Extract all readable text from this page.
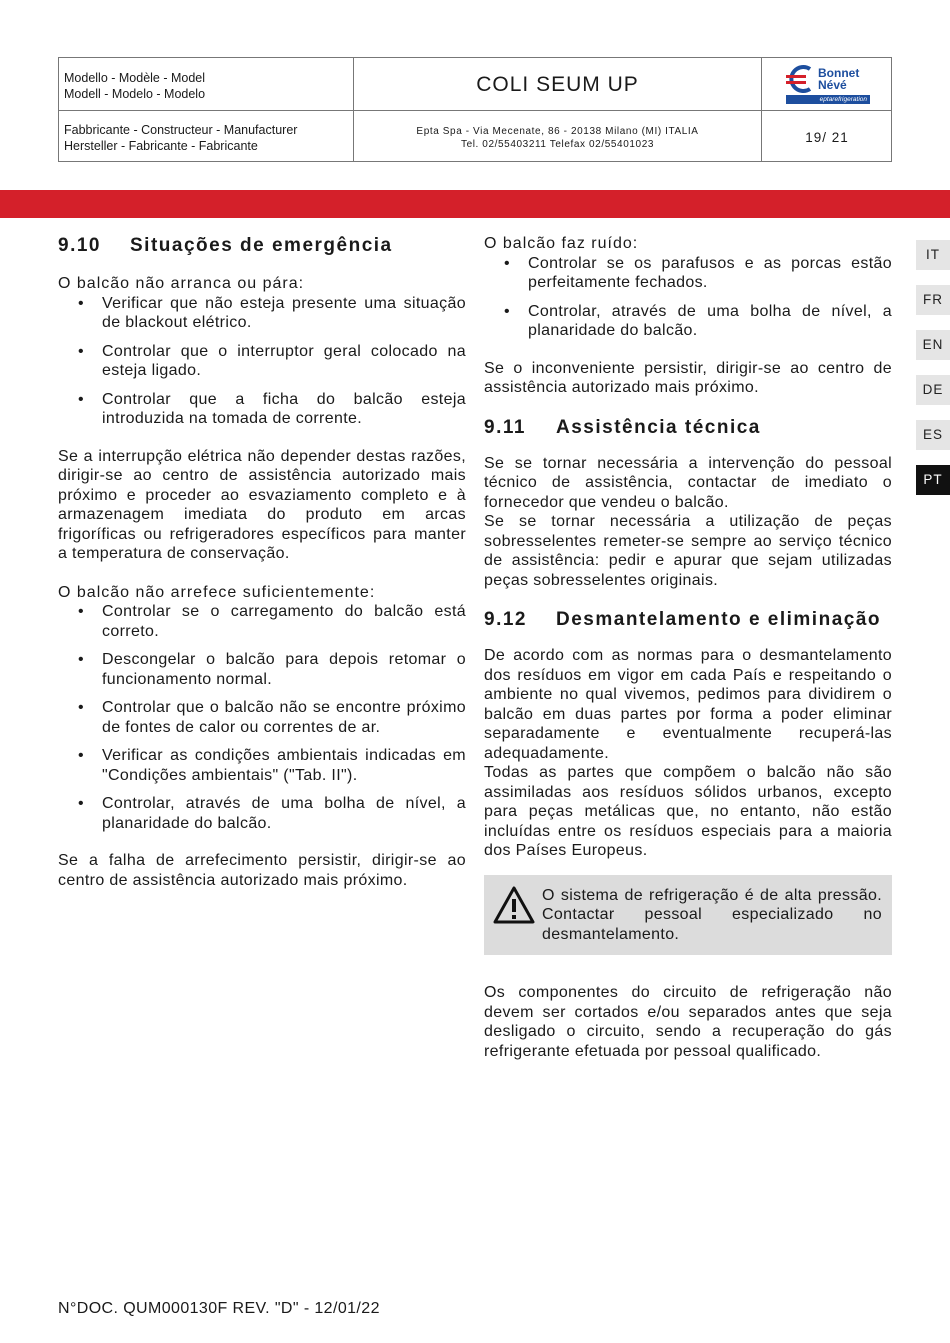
Modello - Modèle - Model
Modell - Modelo - Modelo	COLI SEUM UP
Fabbricante - Constructeur - Manufacturer
Hersteller - Fabricante - Fabricante
Epta Spa - Via Mecenate, 86 - 20138 Milano (MI) ITALIA
Tel. 02/55403211 Telefax 02/55401023	19/ 21
Bonnet
Névé
eptarefrigeration
IT
FR
EN
DE
ES
PT
9.10 Situações de emergência

O balcão não arranca ou pára:

• Verificar que não esteja presente uma situação de blackout elétrico.
• Controlar que o interruptor geral colocado na esteja ligado.
• Controlar que a ficha do balcão esteja introduzida na tomada de corrente.

Se a interrupção elétrica não depender destas razões, dirigir-se ao centro de assistência autorizado mais próximo e proceder ao esvaziamento completo e à armazenagem imediata do produto em arcas frigoríficas ou refrigeradores específicos para manter a temperatura de conservação.

O balcão não arrefece suficientemente:

• Controlar se o carregamento do balcão está correto.
• Descongelar o balcão para depois retomar o funcionamento normal.
• Controlar que o balcão não se encontre próximo de fontes de calor ou correntes de ar.
• Verificar as condições ambientais indicadas em "Condições ambientais" ("Tab. II").
• Controlar, através de uma bolha de nível, a planaridade do balcão.

Se a falha de arrefecimento persistir, dirigir-se ao centro de assistência autorizado mais próximo.

O balcão faz ruído:

• Controlar se os parafusos e as porcas estão perfeitamente fechados.
• Controlar, através de uma bolha de nível, a planaridade do balcão.

Se o inconveniente persistir, dirigir-se ao centro de assistência autorizado mais próximo.

9.11 Assistência técnica

Se se tornar necessária a intervenção do pessoal técnico de assistência, contactar de imediato o fornecedor que vendeu o balcão.

Se se tornar necessária a utilização de peças sobresselentes remeter-se sempre ao serviço técnico de assistência: pedir e apurar que sejam utilizadas peças sobresselentes originais.

9.12 Desmantelamento e eliminação

De acordo com as normas para o desmantelamento dos resíduos em vigor em cada País e respeitando o ambiente no qual vivemos, pedimos para dividirem o balcão em duas partes por forma a poder eliminar separadamente e eventualmente recuperá-las adequadamente.

Todas as partes que compõem o balcão não são assimiladas aos resíduos sólidos urbanos, excepto para peças metálicas que, no entanto, não estão incluídas entre os resíduos especiais para a maioria dos Países Europeus.

O sistema de refrigeração é de alta pressão. Contactar pessoal especializado no desmantelamento.

Os componentes do circuito de refrigeração não devem ser cortados e/ou separados antes que seja desligado o circuito, sendo a recuperação do gás refrigerante efetuada por pessoal qualificado.

N°DOC. QUM000130F REV. "D" - 12/01/22
